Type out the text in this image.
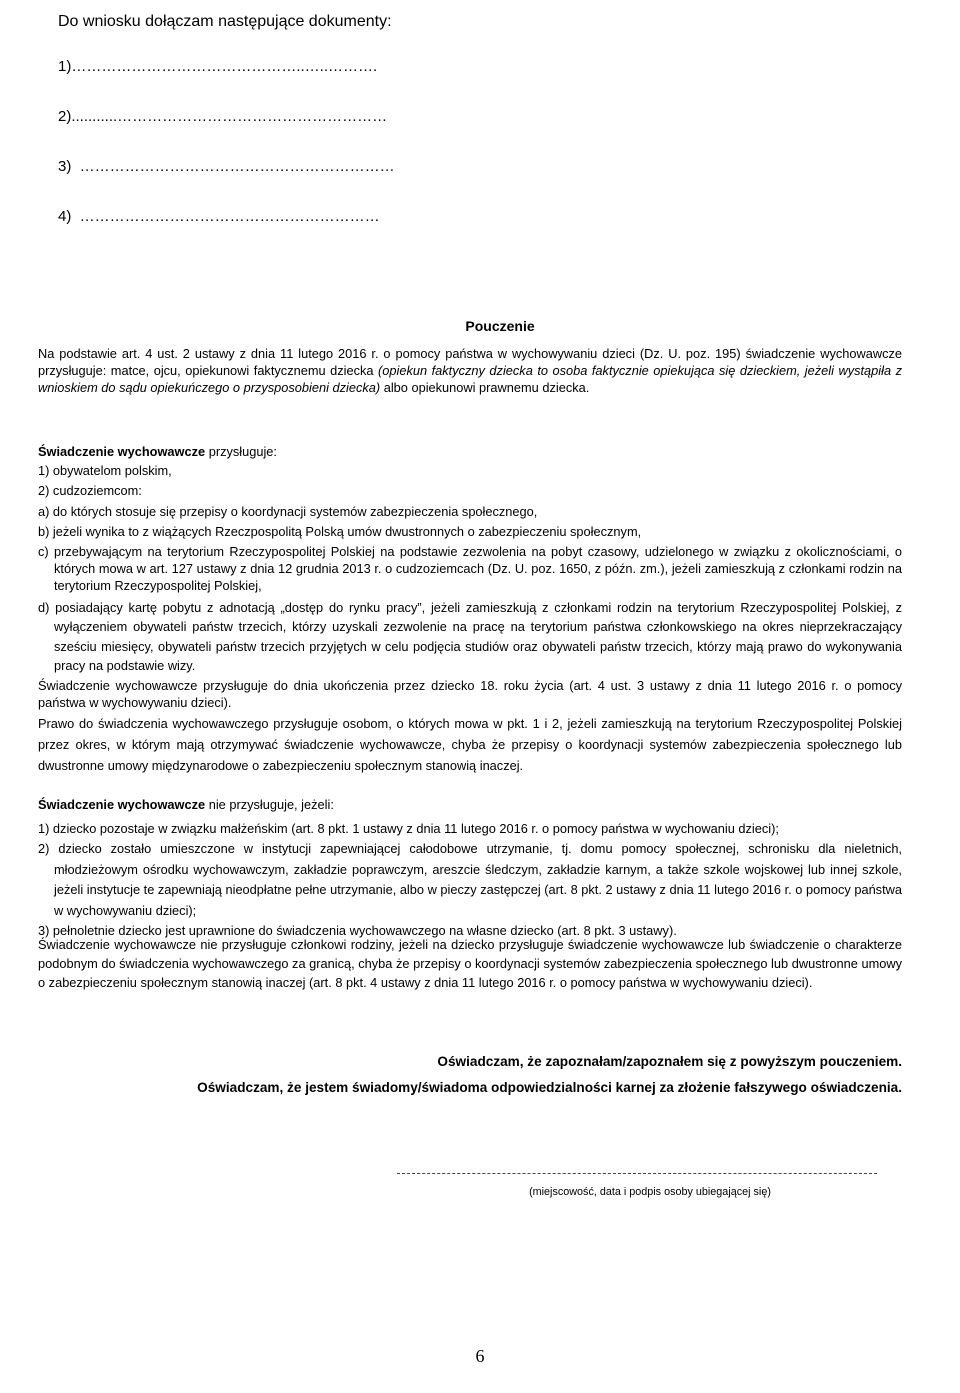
Do wniosku dołączam następujące dokumenty:
1)………………………………………..…..……….
2)...........………………………………………………
3)  ………………………………………………………
4)  ……………………………………………………
Pouczenie

Na podstawie art. 4 ust. 2 ustawy z dnia 11 lutego 2016 r. o pomocy państwa w wychowywaniu dzieci (Dz. U. poz. 195) świadczenie wychowawcze przysługuje: matce, ojcu, opiekunowi faktycznemu dziecka (opiekun faktyczny dziecka to osoba faktycznie opiekująca się dzieckiem, jeżeli wystąpiła z wnioskiem do sądu opiekuńczego o przysposobieni dziecka) albo opiekunowi prawnemu dziecka.

Świadczenie wychowawcze przysługuje:

1) obywatelom polskim,

2) cudzoziemcom:

a) do których stosuje się przepisy o koordynacji systemów zabezpieczenia społecznego,

b) jeżeli wynika to z wiążących Rzeczpospolitą Polską umów dwustronnych o zabezpieczeniu społecznym,

c) przebywającym na terytorium Rzeczypospolitej Polskiej na podstawie zezwolenia na pobyt czasowy, udzielonego w związku z okolicznościami, o których mowa w art. 127 ustawy z dnia 12 grudnia 2013 r. o cudzoziemcach (Dz. U. poz. 1650, z późn. zm.), jeżeli zamieszkują z członkami rodzin na terytorium Rzeczypospolitej Polskiej,

d) posiadający kartę pobytu z adnotacją „dostęp do rynku pracy”, jeżeli zamieszkują z członkami rodzin na terytorium Rzeczypospolitej Polskiej, z wyłączeniem obywateli państw trzecich, którzy uzyskali zezwolenie na pracę na terytorium państwa członkowskiego na okres nieprzekraczający sześciu miesięcy, obywateli państw trzecich przyjętych w celu podjęcia studiów oraz obywateli państw trzecich, którzy mają prawo do wykonywania pracy na podstawie wizy.

Świadczenie wychowawcze przysługuje do dnia ukończenia przez dziecko 18. roku życia (art. 4 ust. 3 ustawy z dnia 11 lutego 2016 r. o pomocy państwa w wychowywaniu dzieci).

Prawo do świadczenia wychowawczego przysługuje osobom, o których mowa w pkt. 1 i 2, jeżeli zamieszkują na terytorium Rzeczypospolitej Polskiej przez okres, w którym mają otrzymywać świadczenie wychowawcze, chyba że przepisy o koordynacji systemów zabezpieczenia społecznego lub dwustronne umowy międzynarodowe o zabezpieczeniu społecznym stanowią inaczej.

Świadczenie wychowawcze nie przysługuje, jeżeli:

1) dziecko pozostaje w związku małżeńskim (art. 8 pkt. 1 ustawy z dnia 11 lutego 2016 r. o pomocy państwa w wychowaniu dzieci);

2) dziecko zostało umieszczone w instytucji zapewniającej całodobowe utrzymanie, tj. domu pomocy społecznej, schronisku dla nieletnich, młodzieżowym ośrodku wychowawczym, zakładzie poprawczym, areszcie śledczym, zakładzie karnym, a także szkole wojskowej lub innej szkole, jeżeli instytucje te zapewniają nieodpłatne pełne utrzymanie, albo w pieczy zastępczej (art. 8 pkt. 2 ustawy z dnia 11 lutego 2016 r. o pomocy państwa w wychowywaniu dzieci);

3) pełnoletnie dziecko jest uprawnione do świadczenia wychowawczego na własne dziecko (art. 8 pkt. 3 ustawy).

Świadczenie wychowawcze nie przysługuje członkowi rodziny, jeżeli na dziecko przysługuje świadczenie wychowawcze lub świadczenie o charakterze podobnym do świadczenia wychowawczego za granicą, chyba że przepisy o koordynacji systemów zabezpieczenia społecznego lub dwustronne umowy o zabezpieczeniu społecznym stanowią inaczej (art. 8 pkt. 4 ustawy z dnia 11 lutego 2016 r. o pomocy państwa w wychowywaniu dzieci).

Oświadczam, że zapoznałam/zapoznałem się z powyższym pouczeniem.
Oświadczam, że jestem świadomy/świadoma odpowiedzialności karnej za złożenie fałszywego oświadczenia.
(miejscowość, data i podpis osoby ubiegającej się)
6
